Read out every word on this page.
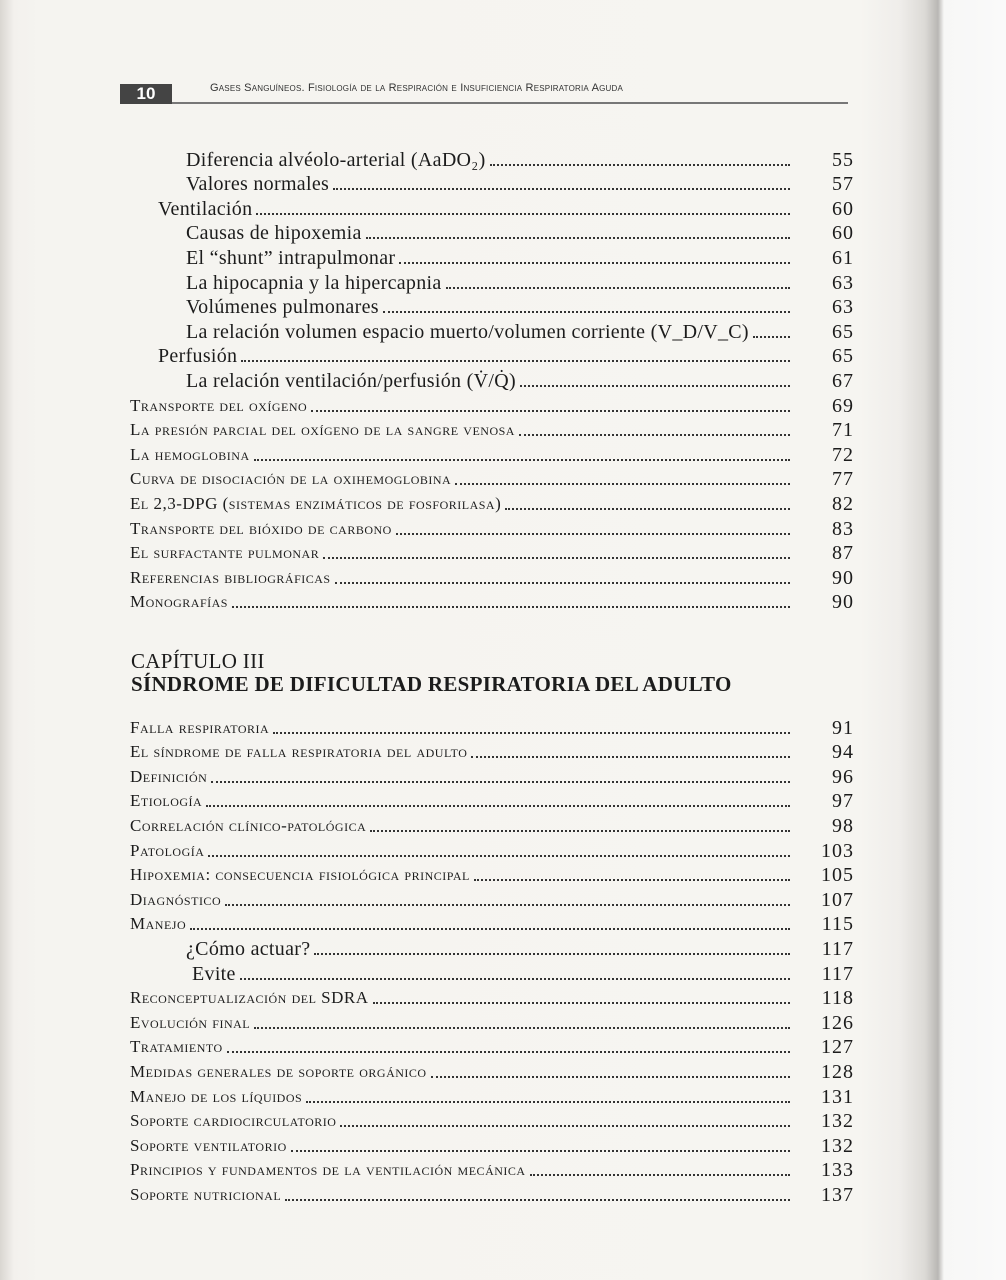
10	Gases Sanguíneos. Fisiología de la Respiración e Insuficiencia Respiratoria Aguda
Diferencia alvéolo-arterial (AaDO₂)	55
Valores normales	57
Ventilación	60
Causas de hipoxemia	60
El “shunt” intrapulmonar	61
La hipocapnia y la hipercapnia	63
Volúmenes pulmonares	63
La relación volumen espacio muerto/volumen corriente (V_D/V_C)	65
Perfusión	65
La relación ventilación/perfusión (V̇/Q̇)	67
Transporte del oxígeno	69
La presión parcial del oxígeno de la sangre venosa	71
La hemoglobina	72
Curva de disociación de la oxihemoglobina	77
El 2,3-DPG (sistemas enzimáticos de fosforilasa)	82
Transporte del bióxido de carbono	83
El surfactante pulmonar	87
Referencias bibliográficas	90
Monografías	90
CAPÍTULO III
SÍNDROME DE DIFICULTAD RESPIRATORIA DEL ADULTO
Falla respiratoria	91
El síndrome de falla respiratoria del adulto	94
Definición	96
Etiología	97
Correlación clínico-patológica	98
Patología	103
Hipoxemia: consecuencia fisiológica principal	105
Diagnóstico	107
Manejo	115
¿Cómo actuar?	117
Evite	117
Reconceptualización del SDRA	118
Evolución final	126
Tratamiento	127
Medidas generales de soporte orgánico	128
Manejo de los líquidos	131
Soporte cardiocirculatorio	132
Soporte ventilatorio	132
Principios y fundamentos de la ventilación mecánica	133
Soporte nutricional	137
